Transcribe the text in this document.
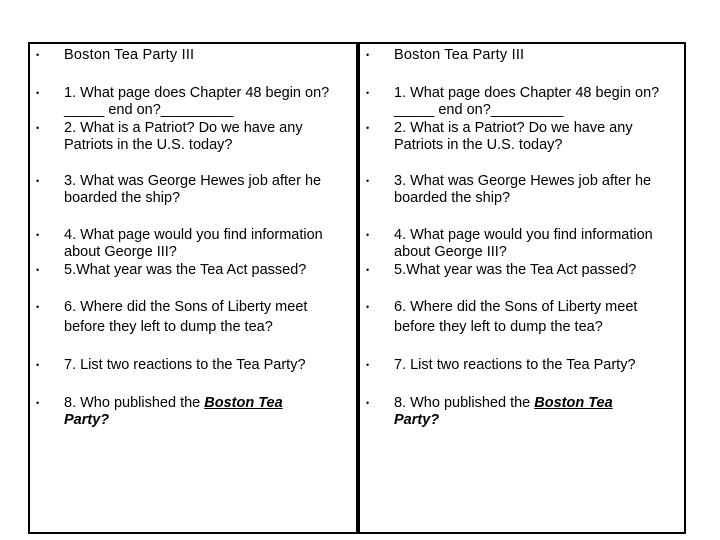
• Boston Tea Party III
• 1. What page does Chapter 48 begin on?_____ end on?_________
• 2. What is a Patriot? Do we have any Patriots in the U.S. today?
• 3. What was George Hewes job after he boarded the ship?
• 4. What page would you find information about George III?
• 5.What year was the Tea Act passed?
• 6. Where did the Sons of Liberty meet
before they left to dump the tea?
• 7. List two reactions to the Tea Party?
• 8. Who published the Boston Tea
Party?
• Boston Tea Party III
• 1. What page does Chapter 48 begin on?_____ end on?_________
• 2. What is a Patriot? Do we have any Patriots in the U.S. today?
• 3. What was George Hewes job after he boarded the ship?
• 4. What page would you find information about George III?
• 5.What year was the Tea Act passed?
• 6. Where did the Sons of Liberty meet
before they left to dump the tea?
• 7. List two reactions to the Tea Party?
• 8. Who published the Boston Tea
Party?
